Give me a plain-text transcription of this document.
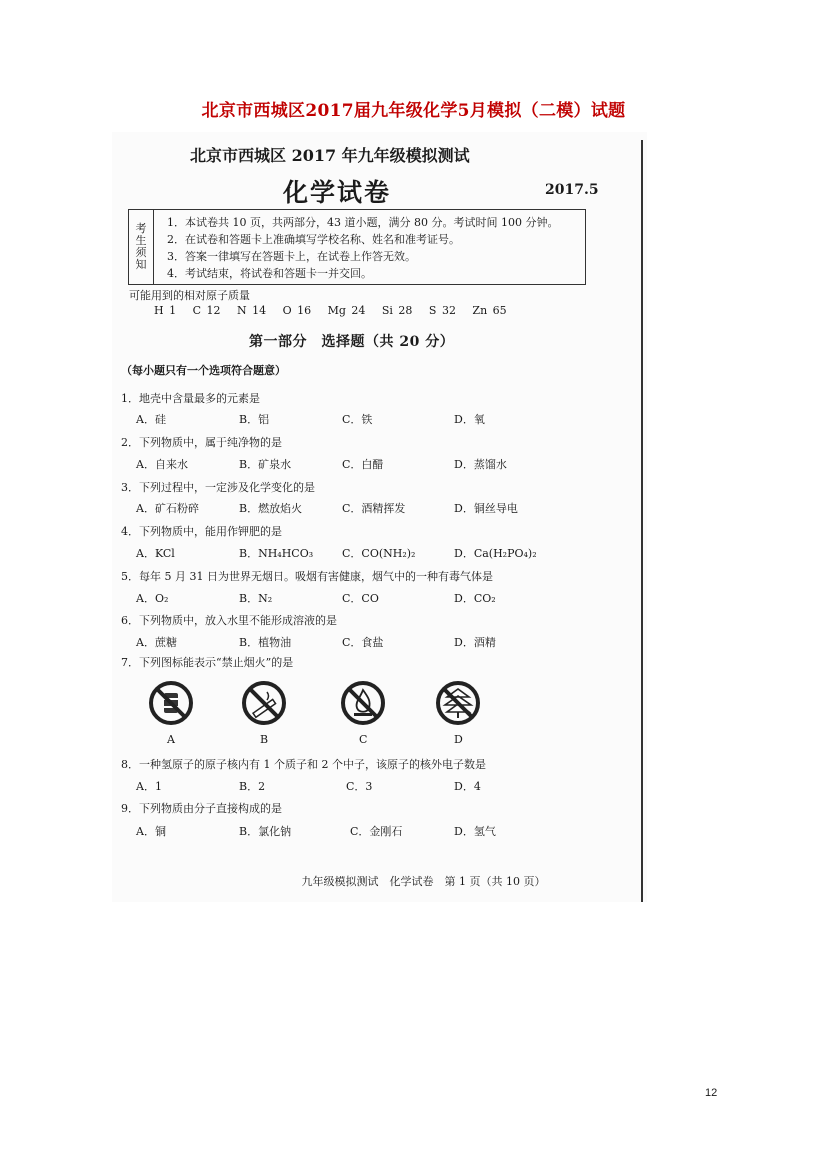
北京市西城区2017届九年级化学5月模拟（二模）试题
北京市西城区 2017 年九年级模拟测试
化学试卷	2017.5
考
生
须
知
1．本试卷共 10 页，共两部分，43 道小题，满分 80 分。考试时间 100 分钟。
2．在试卷和答题卡上准确填写学校名称、姓名和准考证号。
3．答案一律填写在答题卡上，在试卷上作答无效。
4．考试结束，将试卷和答题卡一并交回。
可能用到的相对原子质量
H 1   C 12   N 14   O 16   Mg 24   Si 28   S 32   Zn 65
第一部分　选择题（共 20 分）
（每小题只有一个选项符合题意）
1．地壳中含量最多的元素是
A．硅	B．铝	C．铁	D．氧
2．下列物质中，属于纯净物的是
A．自来水	B．矿泉水	C．白醋	D．蒸馏水
3．下列过程中，一定涉及化学变化的是
A．矿石粉碎	B．燃放焰火	C．酒精挥发	D．铜丝导电
4．下列物质中，能用作钾肥的是
A．KCl	B．NH₄HCO₃	C．CO(NH₂)₂	D．Ca(H₂PO₄)₂
5．每年 5 月 31 日为世界无烟日。吸烟有害健康，烟气中的一种有毒气体是
A．O₂	B．N₂	C．CO	D．CO₂
6．下列物质中，放入水里不能形成溶液的是
A．蔗糖	B．植物油	C．食盐	D．酒精
7．下列图标能表示“禁止烟火”的是
A	B	C	D
8．一种氢原子的原子核内有 1 个质子和 2 个中子，该原子的核外电子数是
A．1	B．2	C．3	D．4
9．下列物质由分子直接构成的是
A．铜	B．氯化钠	C．金刚石	D．氢气
九年级模拟测试　化学试卷　第 1 页（共 10 页）
12
